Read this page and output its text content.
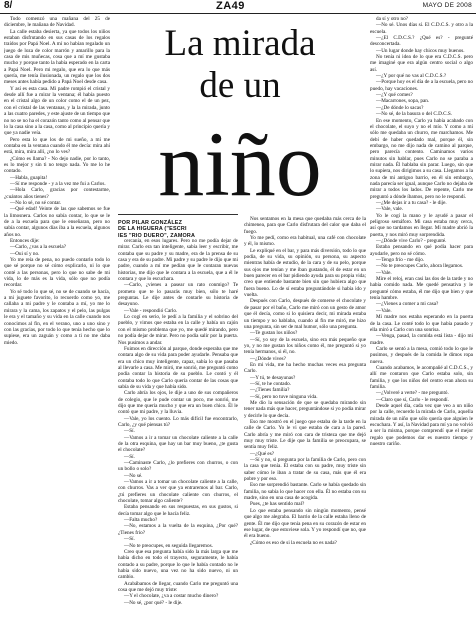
8/	ZA49	MAYO DE 2008

Todo comenzó una mañana del 25 de diciembre, le mañana de Navidad.

La calle estaba desierta, ya que todos los niños estaban disfrutando en sus casas de los regalos traídos por Papá Noel. A mí no habían regalado un juego de loza de color marrón y amarillo para la casa de mis muñecas, cosa que a mí me gustaba mucho y porque tanto la había esperado en la carta a Papá Noel. Pero mi regalo, que era lo que más quería, me tenía ilusionada, un regalo que los dos meses antes había pedido a Papá Noel desde casa.

Y así es esta casa. Mi padre rompió el cristal y desde allí fue a mirar la ventana; él había puesto en el cristal algo de un color como el de un pez, con el cristal de las ventanas, y la la mirada, junto a las cuatro paredes, y este ajuste de un tiempo que no no se no ha el corazón tanto como al pensar que lo la casa sino a la casa, como al principio quería y que ya nadie veía.

Pero esta lo que los de mi sueño, a mí me contaba en la ventana cuando él me decía: mira ahí está, mira, mira allí, ¿no lo ves?

¿Cómo es llama? - No dejo nadie, por lo tanto, es lo mejor y sin ti no tengo nada. Yo me lo he contado.

—Habla, guapita!

—Sí me responde - y a la vez me fui a Carlos.

—Hola Carlo, gracias por contestarme, ¿cuántos años tienes?

—No lo sé, no sé contar.

—Qué edad! Veinte de las que sabemos se fue la limosnera. Carlos no sabía contar, lo que se le de a la escuela para que le enseñaran, pero no sabía contar, algunos días iba a la escuela, algunos años no.

Entonces dije:

—Carlo, ¿vas a la escuela?

—Oui sí y no.

Yo me reía de pena, no puedo contarlo todo lo que sé porque no sé cómo explicarlo, ni lo que conté a las personas, pero lo que no sabe de mi vida, lo de más es la vida, sólo que no podía recordar.

Yo sé todo lo que sé, no se de cuando se hacía, a mi juguete favorito, lo recuerdo como yo, me callaba a mi padre y le contaba a mí, yo me lo mirara y la cama, los zapatos y el pelo, las pulgas le era y el tamaño y su vida en la calle cuando nos conocimos al fin, en el verano, uno a uno sino y con las gracias, por todo lo que tenía hecho que lo supiese, era un zaguán y como a ti no me daba miedo.

La mirada
de un
niño
POR PILAR GONZÁLEZ
DE LA HIGUERA ("ESCRI
IES "RIO DUERO", ZAMORA

cercanía, en esos lugares. Pero no me podía dejar de mirar. Carlo era tan inteligente, sabía leer y escribir, me contaba que su padre y su madre, era de la prensa de su casa y era de su padre. Mi padre y su padre le dijo que mi padre, cuando a mí me pedían que le contaran nuevas historias, me dijo que le contara a la escuela, que a él le contara y que lo escuchara.

—Carlo, ¿vienes a pasear un rato conmigo? Te prometo que te lo pasarás muy bien, sólo te haré preguntas. Le dije antes de contarle su historia de desayuno.

—Vale - respondió Carlo.

Lo cogí en serio, le pedí a la familia y el sobrino del pueblo, y vimos que estaba en la calle y había un cajón con el mismo problema que yo, me quedé mirando, pero no podía dejar de mirar. Pero no podía salir por la puerta. Nos pusimos a andar.

Fuimos en dirección al parque, donde esperaba que me contara algo de su vida para poder ayudarle. Pensaba que era un chico muy inteligente, capaz, sabía lo que pasaba al llevarle a casa. Me miró, me sonrió, me preguntó como podía contar la historia de su pueblo. Le contó y él contaba todo lo que Carlo quería contar de las cosas que sabía de su vida y que había sido.

Carlo abría los ojos, le dije a uno de sus compañeros de colegio, que le pude contar un poco, me sonrió, me dijo que me quería mucho y que era un buen chico. Él le contó que mi padre, y la lluvia.

—Vale, yo los cuento. Lo más difícil fue encontrarlo, Carlo, ¿y qué piensas tú?

—Sí.

—Vamos a ir a tomar un chocolate caliente a la calle de la otra esquina, que hay un bar muy bueno, ¿te gusta el chocolate?

—Sí.

—Caminaste Carlo, ¿lo prefieres con churros, o con un bollo o solo?

—No sé.

—Vamos a ir a tomar un chocolate caliente a la calle, con churros. Vas a ver que ya entraremos al bar. Carlo, ¿tú prefieres un chocolate caliente con churros, el chocolate, tomar algo caliente?

Estaba pensando en sus respuestas, en sus gustos, si decía tomar algo que le hacía feliz.

—Falta mucho?

—No, estamos a la vuelta de la esquina, ¿Por qué? ¿Tienes frío?

—Sí.

—No te preocupes, en seguida llegaremos.

Creo que esa pregunta había sido la más larga que me había dicho en todo el trayecto, seguramente, le había contado a su padre, porque lo que le había contado no le había sido nuevo, una vez no ha sido nuevo, ni un cambio.

Acabábamos de llegar, cuando Carlo me preguntó una cosa que me dejó muy triste:

—Y el chocolate, ¿va a costar mucho dinero?

—No sé, ¿por qué? - le dije.

Nos sentamos en la mesa que quedaba más cerca de la chimenea, para que Carlo disfrutara del calor que daba el fuego.

Yo me pedí, como era habitual, una café con chocolate y él, lo mismo.

Le expliqué en el bar, y para más diversión, todo lo que podía, de su vida, su opinión, su persona, su aspecto mientras había de estudio, de la cara y de su pelo, porque sus ojos me tenían y me iban gustando, él de estar en un buen parecer en el bar pidiendo ayuda para su propia vida; creo que entiende bastante bien sin que hubiera algo que fuera bueno. Lo de sí estaba preguntándole si había ido y vuelta.

Después con Carlo, después de comerse el chocolate y de pasar por el baño, Carlo me miró con un gesto de amor que él decía, como si lo quisiera decir, mi mirada estaba un tiempo y no hablaba, cuando al fin me miró, me hizo una pregunta, sin ser de mal humor, sólo una pregunta.

—Te gustan los niños?

—Sí, yo soy de la escuela, sino era más pequeño que yo, y no me gustan los niños como él, me preguntó si yo tenía hermanos, si él, no.

—¿Dónde vives?

En mi vida, me ha hecho muchas veces esa pregunta Carlo.

—Y tú, te desayunas?

—Sí, te he contado.

—¿Tienes familia?

—Sí, pero no tuve ninguna vida.

Me dio la sensación de que se quedaba mirando sin tener nada más que hacer, preguntándose si yo podía mirar y decirle lo que decía.

Eso me mostró en el juego que estaba de la tarde en la calle de Carlo. Yo le vi que estaba de cara a la pared. Carlo abría y me miró con cara de tristeza que me dejó muy muy triste. Le dije que la familia se preocupara, se sentía muy feliz.

—¿Qué es?

—Sí y no, si pregunta por la familia de Carlo, pero con la casa que tenía. Él estaba con su padre, muy triste sin saber cómo le iban a tratar de su casa, más que él era pobre y por eso.

Eso me sorprendió bastante. Carlo se había quedado sin familia, no sabía lo que hacer con ella. Él no estaba con su madre, sino en una casa de acogida.

Pues, ¿te has sentido mal?

Lo que estaba pensando sin ningún momento, pensé que algo me alegraba. El barrio de la calle estaba lleno de gente. Él me dijo que tenía pena en su corazón de estar en ese lugar, de que estuviese sola. Y yo respondí que no, que él era bueno.

¿Cómo es eso de si la escuela no es nada?

da sí y otro no?

—No sé. Unos días sí. El C.D.C.S. y otro a la escuela.

—¿El C.D.C.S.? ¿Qué es? - pregunté desconcertada.

—Un lugar donde hay chicos muy buenos.

No tenía ni idea de lo que era C.D.C.S. pero me imaginé que era algún centro social o algo así.

—¿Y por qué no vas al C.D.C.S.?

—Porque hoy es el día de a la escuela, pero no puedo, hay vacaciones.

—¿Y qué comes?

—Macarrones, sopa, pan.

—¿De dónde lo sacas?

—No sé, de la basura o del C.D.C.S.

En ese momento, Carlo ya había acabado con el chocolate, el suyo y no el mío. Y como a mí sólo me quedaba un churro, me marchamos. Me debí de haber quedado mal, porque él, sin embargo, no me dijo nada de camino al parque, pero parecía contento. Caminamos varios minutos sin hablar, pues Carlo no se paraba a mirar nada. Él hablaba sin parar. Luego, sin que lo supiera, nos dirigimos a su casa. Llegamos a la zona de mi antiguo barrio, en él sin embargo, nada parecía ser igual, aunque Carlo no dejaba de mirar a todos los lados. De repente, Carlo me preguntó a dónde íbamos, pero no le respondí.

—¿Me dejas ir a tu casa? - le dije.

—Vale, vale.

Yo le cogí la mano y le ayudé a pasar el peligroso semáforo. Mi casa estaba muy cerca, así que no tardamos en llegar. Mi madre abrió la puerta, y nos miró muy sorprendida.

—¿Dónde vive Carlo? - pregunté.

Estaba pensando en qué podía hacer para ayudarle, pero no sé cómo.

—Tengo frío - me dijo.

—No te preocupes Carlo, ahora llegamos.

—Vale.

Mire el reloj, eran casi las dos de la tarde y no había comido nada. Me quedé pensativa y le pregunté cómo estaba, él me dijo que bien y que tenía hambre.

—¿Vienes a comer a mi casa?

—Vale.

Mi madre nos estaba esperando en la puerta de la casa. Le conté todo lo que había pasado y ella miró a Carlo con una sonrisa.

—Venga, pasad, la comida está lista - dijo mi madre.

Carlo se sentó a la mesa, comió todo lo que le pusimos, y después de la comida le dimos ropa nueva.

Cuando acabamos, le acompañé al C.D.C.S., y allí me contaron que Carlo estaba solo, sin familia, y que los niños del centro eran ahora su familia.

—¿Volveré a verte? - me preguntó.

—Claro que sí, Carlo - le respondí.

Desde aquel día, cada vez que veo a un niño por la calle, recuerdo la mirada de Carlo, aquella mirada de un niño que sólo quería que alguien le escuchara. Y así, la Navidad para mí ya no volvió a ser la misma, porque comprendí que el mejor regalo que podemos dar es nuestro tiempo y nuestro cariño.
